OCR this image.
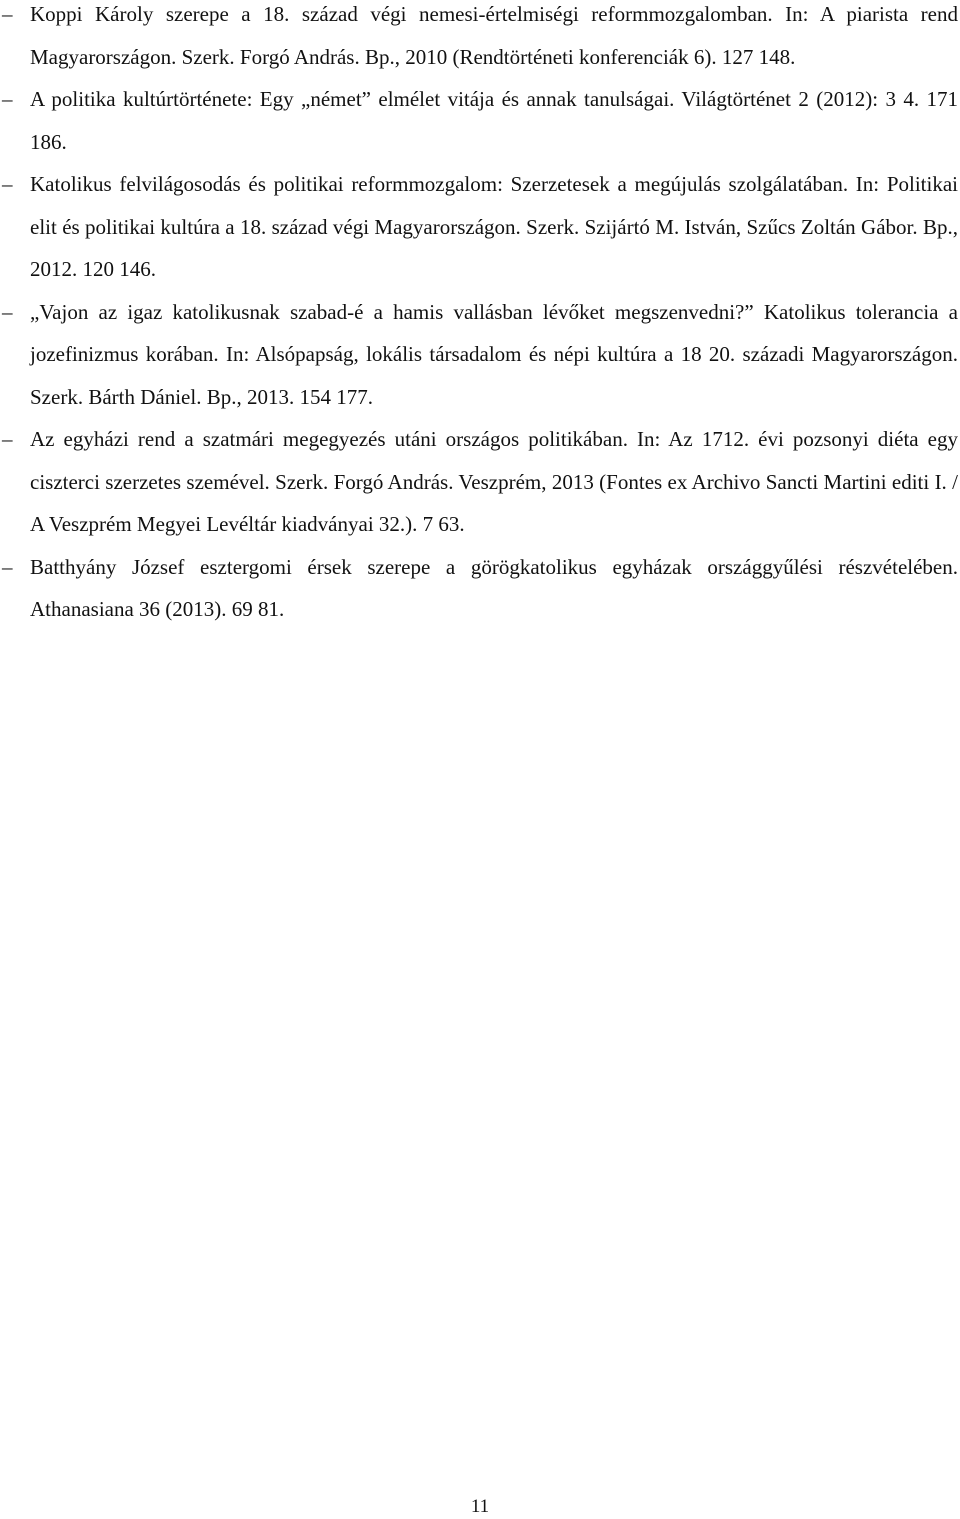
– Koppi Károly szerepe a 18. század végi nemesi-értelmiségi reformmozgalomban. In: A piarista rend Magyarországon. Szerk. Forgó András. Bp., 2010 (Rendtörténeti konferenciák 6). 127 148.
– A politika kultúrtörténete: Egy „német” elmélet vitája és annak tanulságai. Világtörténet 2 (2012): 3 4. 171 186.
– Katolikus felvilágosodás és politikai reformmozgalom: Szerzetesek a megújulás szolgálatában. In: Politikai elit és politikai kultúra a 18. század végi Magyarországon. Szerk. Szijártó M. István, Szűcs Zoltán Gábor. Bp., 2012. 120 146.
– „Vajon az igaz katolikusnak szabad-é a hamis vallásban lévőket megszenvedni?” Katolikus tolerancia a jozefinizmus korában. In: Alsópapság, lokális társadalom és népi kultúra a 18 20. századi Magyarországon. Szerk. Bárth Dániel. Bp., 2013. 154 177.
– Az egyházi rend a szatmári megegyezés utáni országos politikában. In: Az 1712. évi pozsonyi diéta egy ciszterci szerzetes szemével. Szerk. Forgó András. Veszprém, 2013 (Fontes ex Archivo Sancti Martini editi I. / A Veszprém Megyei Levéltár kiadványai 32.). 7 63.
– Batthyány József esztergomi érsek szerepe a görögkatolikus egyházak országgyűlési részvételében. Athanasiana 36 (2013). 69 81.
11
